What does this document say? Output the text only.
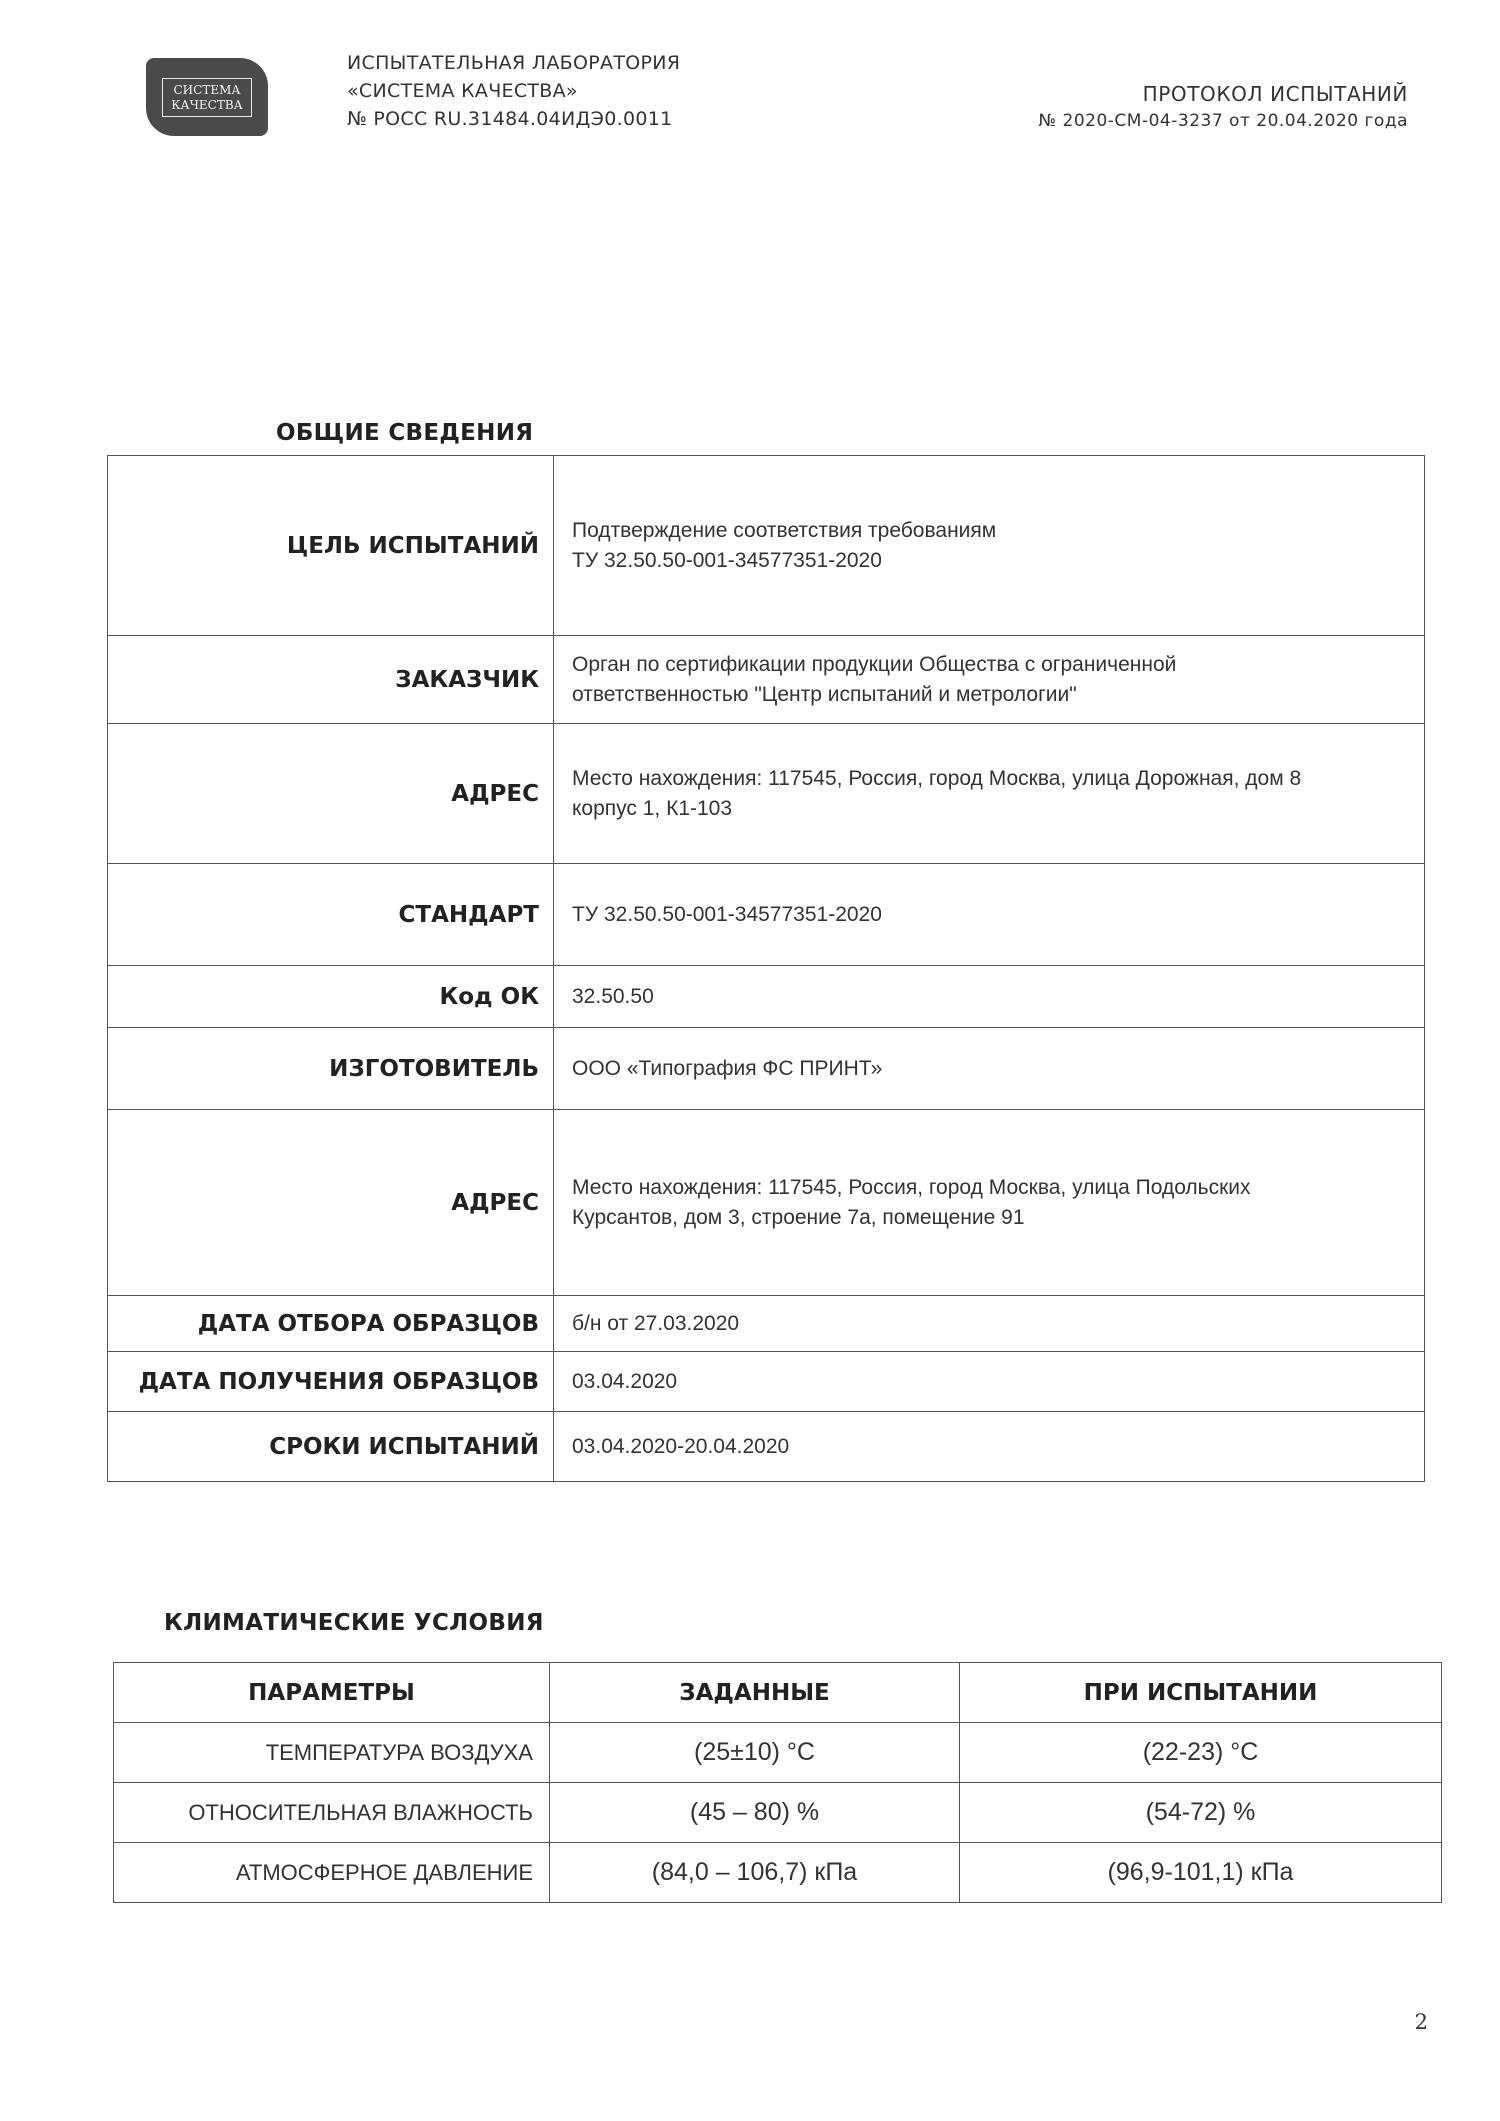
СИСТЕМА
КАЧЕСТВА
ИСПЫТАТЕЛЬНАЯ ЛАБОРАТОРИЯ
«СИСТЕМА КАЧЕСТВА»
№ РОСС RU.31484.04ИДЭ0.0011
ПРОТОКОЛ ИСПЫТАНИЙ
№ 2020-СМ-04-3237 от 20.04.2020 года
ОБЩИЕ СВЕДЕНИЯ
ЦЕЛЬ ИСПЫТАНИЙ	Подтверждение соответствия требованиям
ТУ 32.50.50-001-34577351-2020

ЗАКАЗЧИК	Орган по сертификации продукции Общества с ограниченной
ответственностью "Центр испытаний и метрологии"

АДРЕС	Место нахождения: 117545, Россия, город Москва, улица Дорожная, дом 8
корпус 1, К1-103

СТАНДАРТ	ТУ 32.50.50-001-34577351-2020

Код ОК	32.50.50

ИЗГОТОВИТЕЛЬ	ООО «Типография ФС ПРИНТ»

АДРЕС	Место нахождения: 117545, Россия, город Москва, улица Подольских
Курсантов, дом 3, строение 7а, помещение 91

ДАТА ОТБОРА ОБРАЗЦОВ	б/н от 27.03.2020

ДАТА ПОЛУЧЕНИЯ ОБРАЗЦОВ	03.04.2020

СРОКИ ИСПЫТАНИЙ	03.04.2020-20.04.2020
КЛИМАТИЧЕСКИЕ УСЛОВИЯ
ПАРАМЕТРЫ	ЗАДАННЫЕ	ПРИ ИСПЫТАНИИ
ТЕМПЕРАТУРА ВОЗДУХА	(25±10) °С	(22-23) °С
ОТНОСИТЕЛЬНАЯ ВЛАЖНОСТЬ	(45 – 80) %	(54-72) %
АТМОСФЕРНОЕ ДАВЛЕНИЕ	(84,0 – 106,7) кПа	(96,9-101,1) кПа
2
